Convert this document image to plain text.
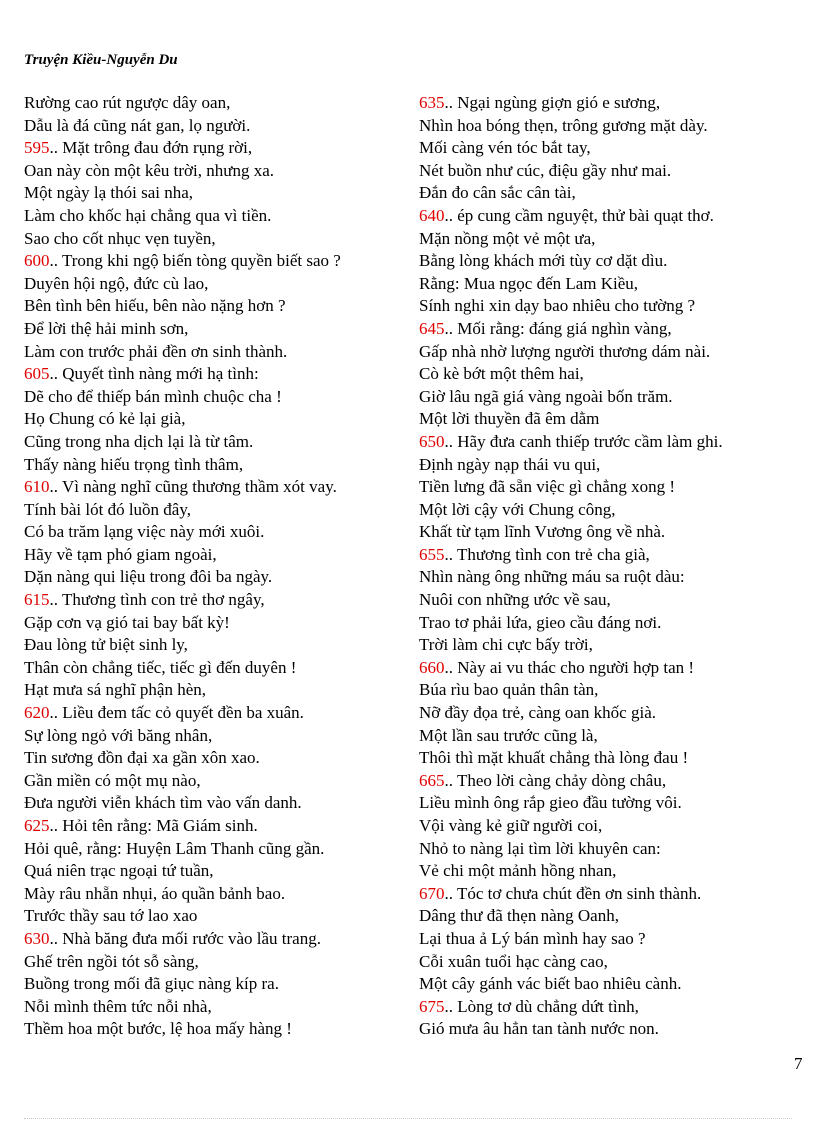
Truyện Kiều-Nguyễn Du
Rường cao rút ngược dây oan,
Dẫu là đá cũng nát gan, lọ người.
595.. Mặt trông đau đớn rụng rời,
Oan này còn một kêu trời, nhưng xa.
Một ngày lạ thói sai nha,
Làm cho khốc hại chẳng qua vì tiền.
Sao cho cốt nhục vẹn tuyền,
600.. Trong khi ngộ biến tòng quyền biết sao ?
Duyên hội ngộ, đức cù lao,
Bên tình bên hiếu, bên nào nặng hơn ?
Để lời thệ hải minh sơn,
Làm con trước phải đền ơn sinh thành.
605.. Quyết tình nàng mới hạ tình:
Dẽ cho để thiếp bán mình chuộc cha !
Họ Chung có kẻ lại già,
Cũng trong nha dịch lại là từ tâm.
Thấy nàng hiếu trọng tình thâm,
610.. Vì nàng nghĩ cũng thương thầm xót vay.
Tính bài lót đó luồn đây,
Có ba trăm lạng việc này mới xuôi.
Hãy về tạm phó giam ngoài,
Dặn nàng qui liệu trong đôi ba ngày.
615.. Thương tình con trẻ thơ ngây,
Gặp cơn vạ gió tai bay bất kỳ!
Đau lòng tử biệt sinh ly,
Thân còn chẳng tiếc, tiếc gì đến duyên !
Hạt mưa sá nghĩ phận hèn,
620.. Liều đem tấc cỏ quyết đền ba xuân.
Sự lòng ngỏ với băng nhân,
Tin sương đồn đại xa gần xôn xao.
Gần miền có một mụ nào,
Đưa người viễn khách tìm vào vấn danh.
625.. Hỏi tên rằng: Mã Giám sinh.
Hỏi quê, rằng: Huyện Lâm Thanh cũng gần.
Quá niên trạc ngoại tứ tuần,
Mày râu nhẵn nhụi, áo quần bảnh bao.
Trước thầy sau tớ lao xao
630.. Nhà băng đưa mối rước vào lầu trang.
Ghế trên ngồi tót sỗ sàng,
Buồng trong mối đã giục nàng kíp ra.
Nỗi mình thêm tức nỗi nhà,
Thềm hoa một bước, lệ hoa mấy hàng !
635.. Ngại ngùng giợn gió e sương,
Nhìn hoa bóng thẹn, trông gương mặt dày.
Mối càng vén tóc bắt tay,
Nét buồn như cúc, điệu gầy như mai.
Đắn đo cân sắc cân tài,
640.. ép cung cầm nguyệt, thử bài quạt thơ.
Mặn nồng một vẻ một ưa,
Bằng lòng khách mới tùy cơ dặt dìu.
Rằng: Mua ngọc đến Lam Kiều,
Sính nghi xin dạy bao nhiêu cho tường ?
645.. Mối rằng: đáng giá nghìn vàng,
Gấp nhà nhờ lượng người thương dám nài.
Cò kè bớt một thêm hai,
Giờ lâu ngã giá vàng ngoài bốn trăm.
Một lời thuyền đã êm dằm
650.. Hãy đưa canh thiếp trước cầm làm ghi.
Định ngày nạp thái vu qui,
Tiền lưng đã sẵn việc gì chẳng xong !
Một lời cậy với Chung công,
Khất từ tạm lĩnh Vương ông về nhà.
655.. Thương tình con trẻ cha già,
Nhìn nàng ông những máu sa ruột dàu:
Nuôi con những ước về sau,
Trao tơ phải lứa, gieo cầu đáng nơi.
Trời làm chi cực bấy trời,
660.. Này ai vu thác cho người hợp tan !
Búa rìu bao quản thân tàn,
Nỡ đầy đọa trẻ, càng oan khốc già.
Một lần sau trước cũng là,
Thôi thì mặt khuất chẳng thà lòng đau !
665.. Theo lời càng chảy dòng châu,
Liều mình ông rắp gieo đầu tường vôi.
Vội vàng kẻ giữ người coi,
Nhỏ to nàng lại tìm lời khuyên can:
Vẻ chi một mảnh hồng nhan,
670.. Tóc tơ chưa chút đền ơn sinh thành.
Dâng thư đã thẹn nàng Oanh,
Lại thua ả Lý bán mình hay sao ?
Cỗi xuân tuổi hạc càng cao,
Một cây gánh vác biết bao nhiêu cành.
675.. Lòng tơ dù chẳng dứt tình,
Gió mưa âu hẳn tan tành nước non.
7
